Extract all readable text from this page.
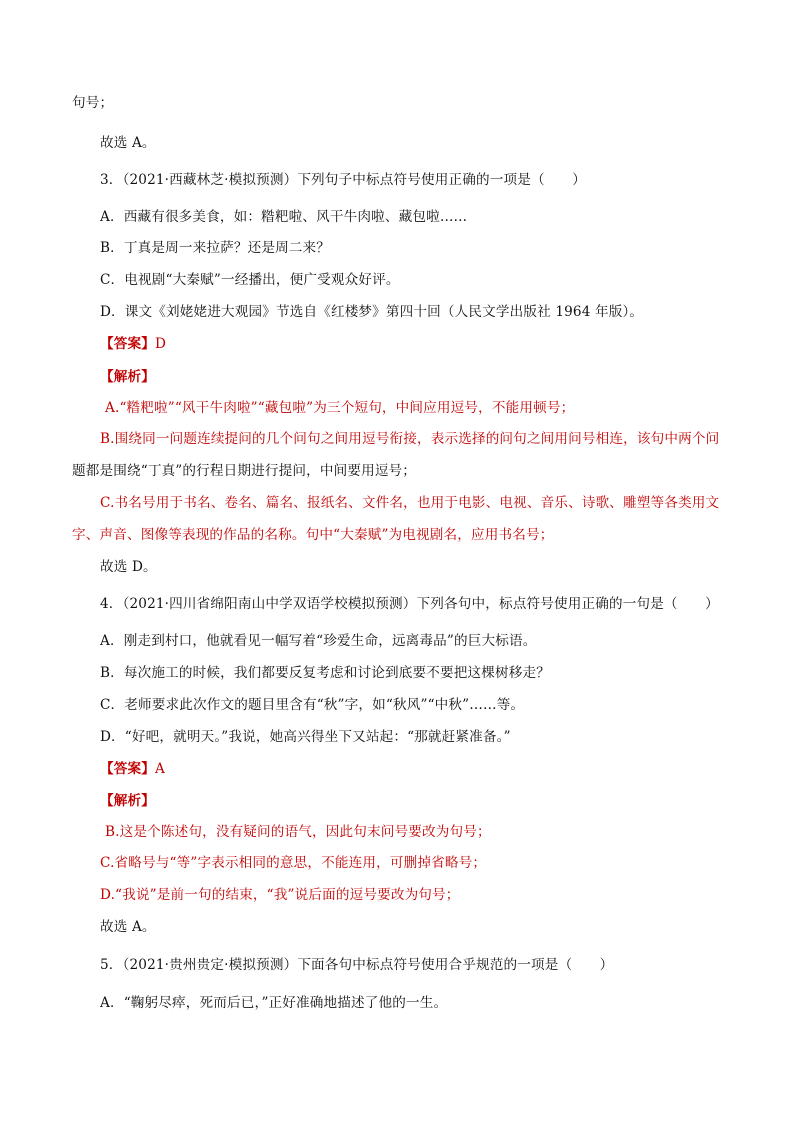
句号；
故选 A。
3．（2021·西藏林芝·模拟预测）下列句子中标点符号使用正确的一项是（　　）
A．西藏有很多美食，如：糌粑啦、风干牛肉啦、藏包啦……
B．丁真是周一来拉萨？还是周二来？
C．电视剧“大秦赋”一经播出，便广受观众好评。
D．课文《刘姥姥进大观园》节选自《红楼梦》第四十回（人民文学出版社 1964 年版）。
【答案】D
【解析】
A.“糌粑啦”“风干牛肉啦”“藏包啦”为三个短句，中间应用逗号，不能用顿号；
B.围绕同一问题连续提问的几个问句之间用逗号衔接，表示选择的问句之间用问号相连，该句中两个问
题都是围绕“丁真”的行程日期进行提问，中间要用逗号；
C.书名号用于书名、卷名、篇名、报纸名、文件名，也用于电影、电视、音乐、诗歌、雕塑等各类用文
字、声音、图像等表现的作品的名称。句中“大秦赋”为电视剧名，应用书名号；
故选 D。
4．（2021·四川省绵阳南山中学双语学校模拟预测）下列各句中，标点符号使用正确的一句是（　　）
A．刚走到村口，他就看见一幅写着“珍爱生命，远离毒品”的巨大标语。
B．每次施工的时候，我们都要反复考虑和讨论到底要不要把这棵树移走？
C．老师要求此次作文的题目里含有“秋”字，如“秋风”“中秋”……等。
D．“好吧，就明天。”我说，她高兴得坐下又站起：“那就赶紧准备。”
【答案】A
【解析】
B.这是个陈述句，没有疑问的语气，因此句末问号要改为句号；
C.省略号与“等”字表示相同的意思，不能连用，可删掉省略号；
D.“我说”是前一句的结束，“我”说后面的逗号要改为句号；
故选 A。
5．（2021·贵州贵定·模拟预测）下面各句中标点符号使用合乎规范的一项是（　　）
A．“鞠躬尽瘁，死而后已，”正好准确地描述了他的一生。
